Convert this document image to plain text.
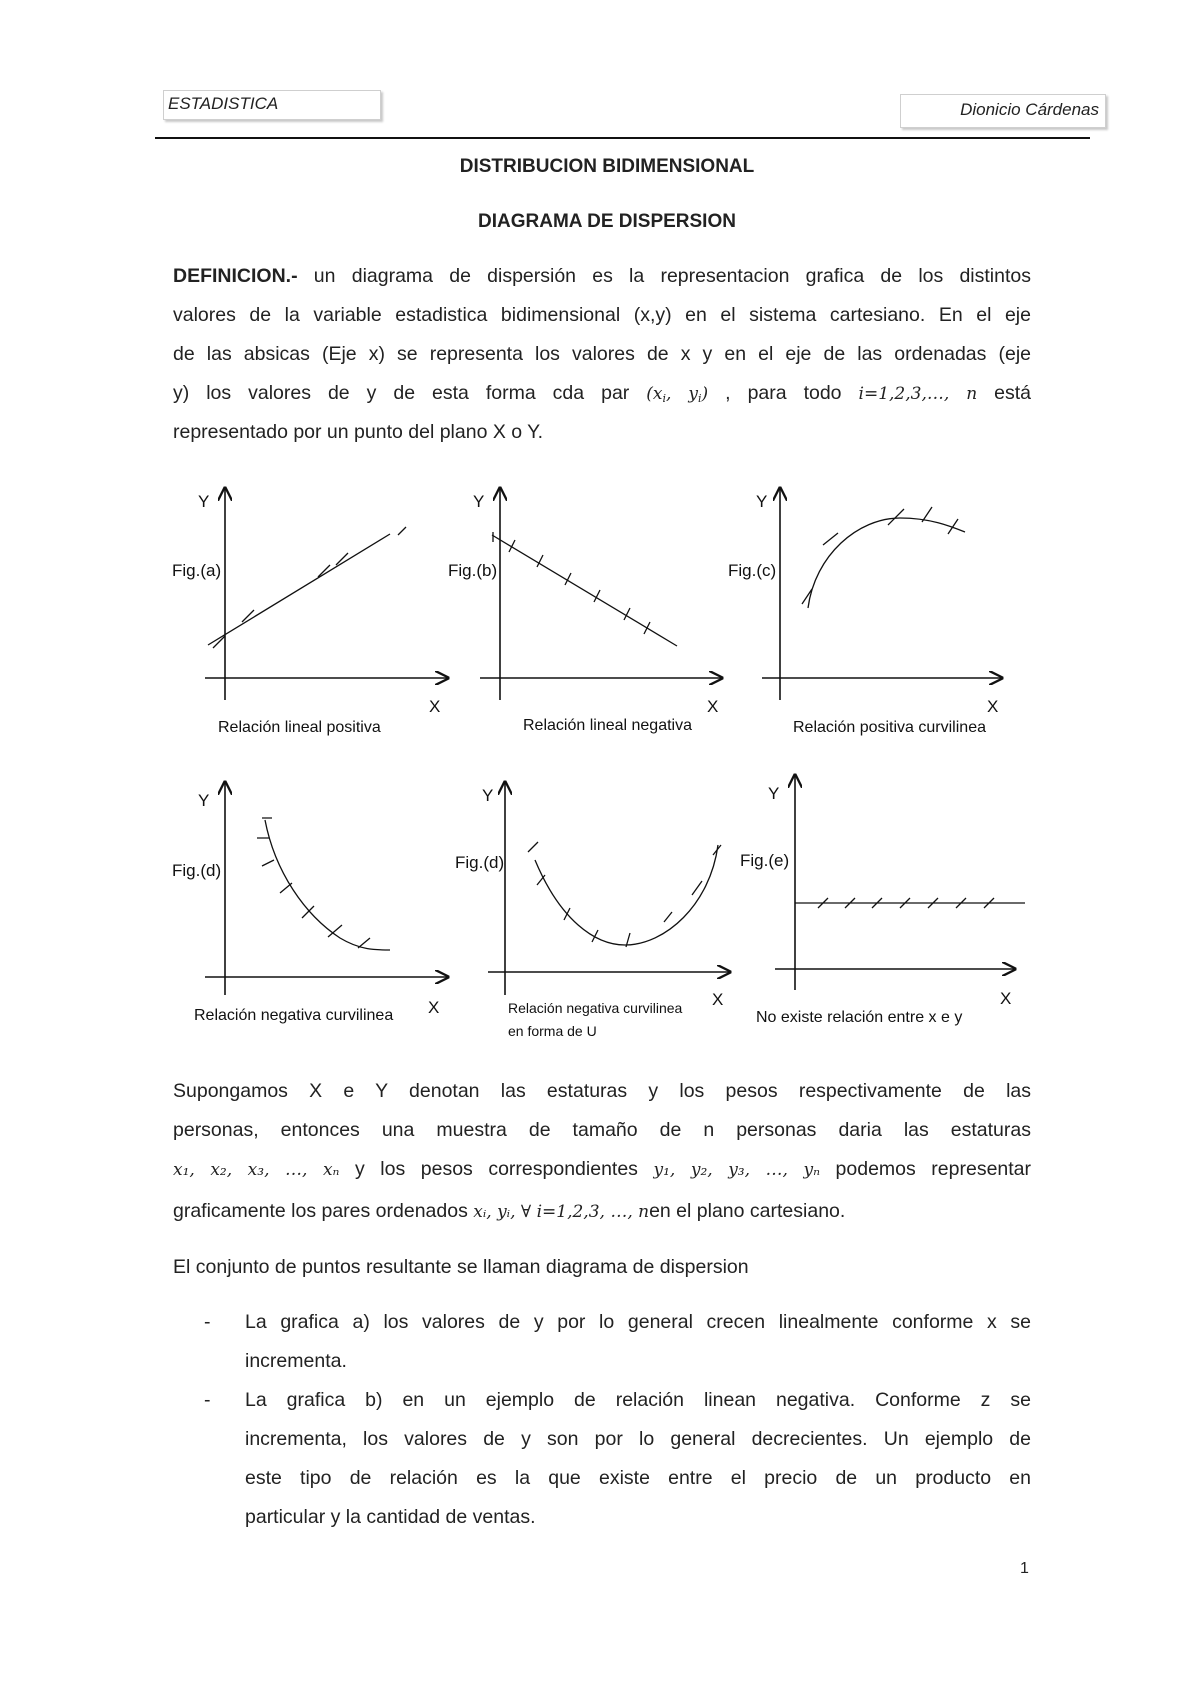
ESTADISTICA	Dionicio Cárdenas
DISTRIBUCION BIDIMENSIONAL
DIAGRAMA DE DISPERSION
DEFINICION.- un diagrama de dispersión es la representacion grafica de los distintos
valores de la variable estadistica bidimensional (x,y) en el sistema cartesiano. En el eje
de las absicas (Eje x) se representa los valores de x y en el eje de las ordenadas (eje
y) los valores de y de esta forma cda par ($x_i$, $y_i$) , para todo i=1,2,3,…, n está
representado por un punto del plano X o Y.
Y
Fig.(a)
X
Relación lineal positiva
Y
Fig.(b)
X
Relación lineal negativa
Y
Fig.(c)
X
Relación positiva curvilinea
Y
Fig.(d)
X
Relación negativa curvilinea
Y
Fig.(d)
X
Relación negativa curvilinea
en forma de U
Y
Fig.(e)
X
No existe relación entre x e y
Supongamos X e Y denotan las estaturas y los pesos respectivamente de las
personas, entonces una muestra de tamaño de n personas daria las estaturas
x₁, x₂, x₃, …, xₙ y los pesos correspondientes y₁, y₂, y₃, …, yₙ podemos representar
graficamente los pares ordenados xᵢ, yᵢ, ∀ i=1,2,3, …, nen el plano cartesiano.
El conjunto de puntos resultante se llaman diagrama de dispersion
- La grafica a) los valores de y por lo general crecen linealmente conforme x se
incrementa.
- La grafica b) en un ejemplo de relación linean negativa. Conforme z se
incrementa, los valores de y son por lo general decrecientes. Un ejemplo de
este tipo de relación es la que existe entre el precio de un producto en
particular y la cantidad de ventas.
1
